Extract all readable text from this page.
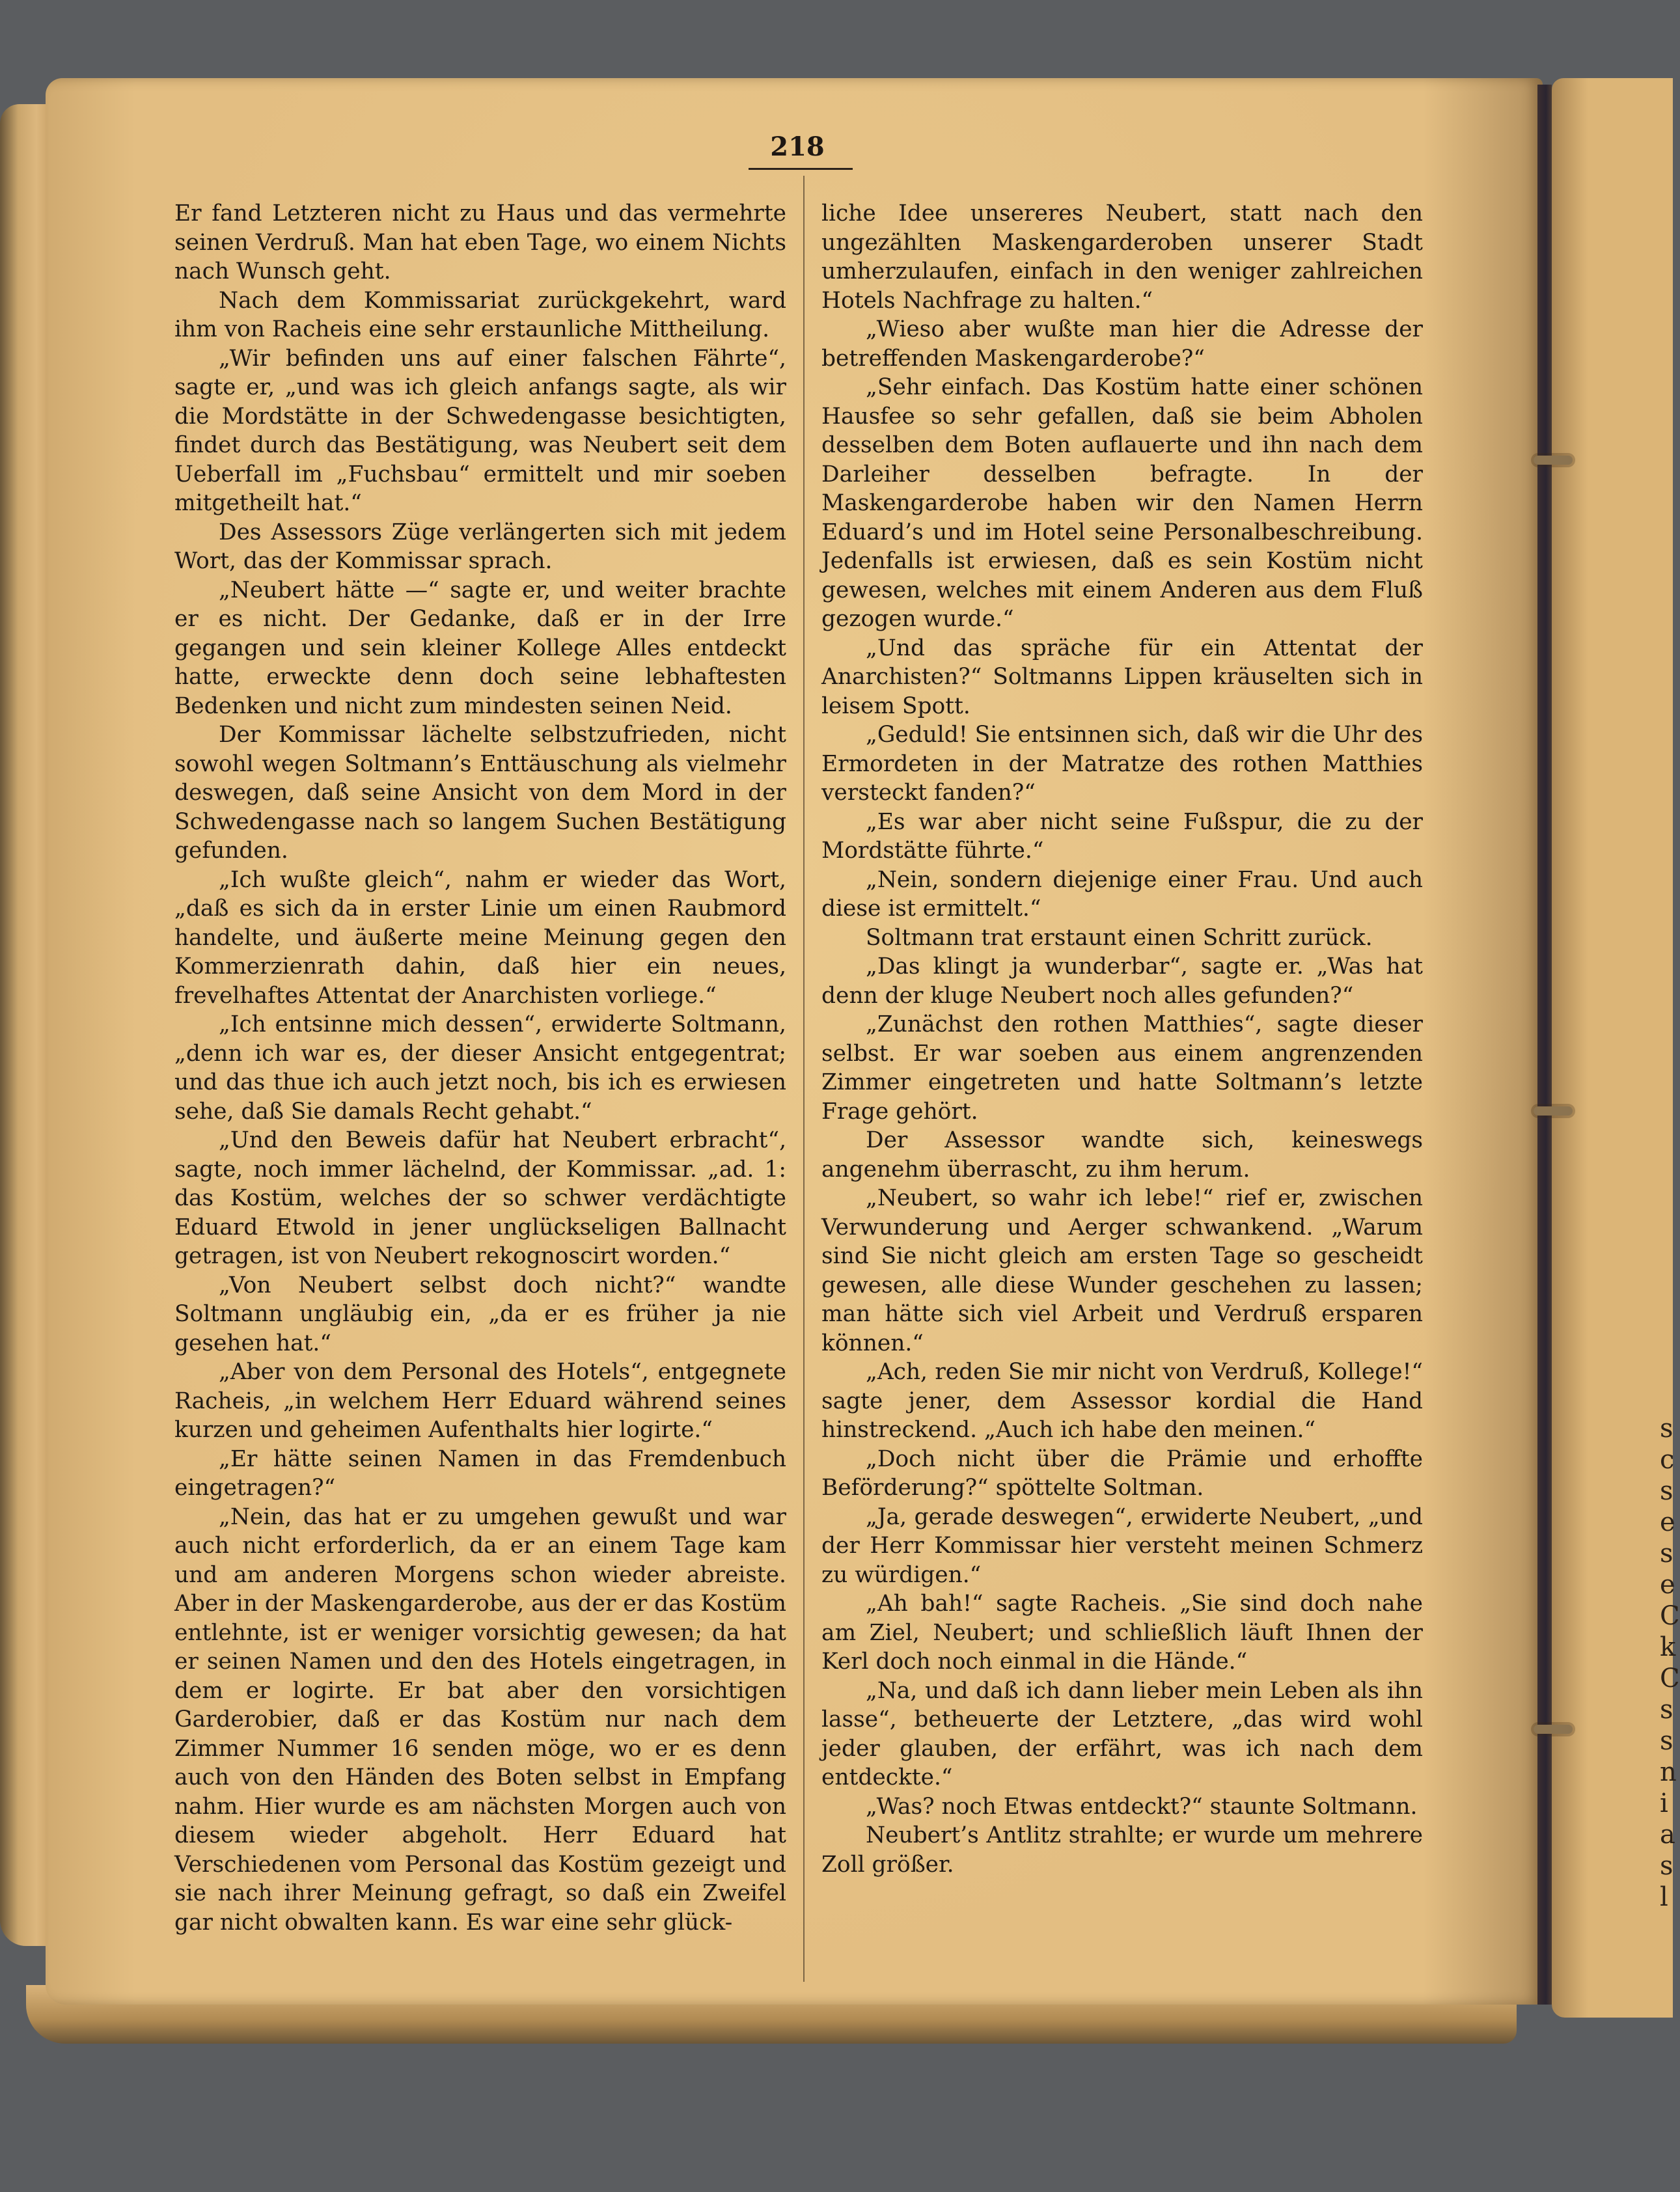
s
c
s
e
s
e
C
k
C
s
s
n
i
a
s
l
218

Er fand Letzteren nicht zu Haus und das vermehrte seinen Verdruß. Man hat eben Tage, wo einem Nichts nach Wunsch geht.

Nach dem Kommissariat zurückgekehrt, ward ihm von Racheis eine sehr erstaunliche Mittheilung.

„Wir befinden uns auf einer falschen Fährte“, sagte er, „und was ich gleich anfangs sagte, als wir die Mordstätte in der Schwedengasse besichtigten, findet durch das Bestätigung, was Neubert seit dem Ueberfall im „Fuchsbau“ ermittelt und mir soeben mitgetheilt hat.“

Des Assessors Züge verlängerten sich mit jedem Wort, das der Kommissar sprach.

„Neubert hätte —“ sagte er, und weiter brachte er es nicht. Der Gedanke, daß er in der Irre gegangen und sein kleiner Kollege Alles entdeckt hatte, erweckte denn doch seine lebhaftesten Bedenken und nicht zum mindesten seinen Neid.

Der Kommissar lächelte selbstzufrieden, nicht sowohl wegen Soltmann’s Enttäuschung als vielmehr deswegen, daß seine Ansicht von dem Mord in der Schwedengasse nach so langem Suchen Bestätigung gefunden.

„Ich wußte gleich“, nahm er wieder das Wort, „daß es sich da in erster Linie um einen Raubmord handelte, und äußerte meine Meinung gegen den Kommerzienrath dahin, daß hier ein neues, frevelhaftes Attentat der Anarchisten vorliege.“

„Ich entsinne mich dessen“, erwiderte Soltmann, „denn ich war es, der dieser Ansicht entgegentrat; und das thue ich auch jetzt noch, bis ich es erwiesen sehe, daß Sie damals Recht gehabt.“

„Und den Beweis dafür hat Neubert erbracht“, sagte, noch immer lächelnd, der Kommissar. „ad. 1: das Kostüm, welches der so schwer verdächtigte Eduard Etwold in jener unglückseligen Ballnacht getragen, ist von Neubert rekognoscirt worden.“

„Von Neubert selbst doch nicht?“ wandte Soltmann ungläubig ein, „da er es früher ja nie gesehen hat.“

„Aber von dem Personal des Hotels“, entgegnete Racheis, „in welchem Herr Eduard während seines kurzen und geheimen Aufenthalts hier logirte.“

„Er hätte seinen Namen in das Fremdenbuch eingetragen?“

„Nein, das hat er zu umgehen gewußt und war auch nicht erforderlich, da er an einem Tage kam und am anderen Morgens schon wieder abreiste. Aber in der Maskengarderobe, aus der er das Kostüm entlehnte, ist er weniger vorsichtig gewesen; da hat er seinen Namen und den des Hotels eingetragen, in dem er logirte. Er bat aber den vorsichtigen Garderobier, daß er das Kostüm nur nach dem Zimmer Nummer 16 senden möge, wo er es denn auch von den Händen des Boten selbst in Empfang nahm. Hier wurde es am nächsten Morgen auch von diesem wieder abgeholt. Herr Eduard hat Verschiedenen vom Personal das Kostüm gezeigt und sie nach ihrer Meinung gefragt, so daß ein Zweifel gar nicht obwalten kann. Es war eine sehr glück-

liche Idee unsereres Neubert, statt nach den ungezählten Maskengarderoben unserer Stadt umherzulaufen, einfach in den weniger zahlreichen Hotels Nachfrage zu halten.“

„Wieso aber wußte man hier die Adresse der betreffenden Maskengarderobe?“

„Sehr einfach. Das Kostüm hatte einer schönen Hausfee so sehr gefallen, daß sie beim Abholen desselben dem Boten auflauerte und ihn nach dem Darleiher desselben befragte. In der Maskengarderobe haben wir den Namen Herrn Eduard’s und im Hotel seine Personalbeschreibung. Jedenfalls ist erwiesen, daß es sein Kostüm nicht gewesen, welches mit einem Anderen aus dem Fluß gezogen wurde.“

„Und das spräche für ein Attentat der Anarchisten?“ Soltmanns Lippen kräuselten sich in leisem Spott.

„Geduld! Sie entsinnen sich, daß wir die Uhr des Ermordeten in der Matratze des rothen Matthies versteckt fanden?“

„Es war aber nicht seine Fußspur, die zu der Mordstätte führte.“

„Nein, sondern diejenige einer Frau. Und auch diese ist ermittelt.“

Soltmann trat erstaunt einen Schritt zurück.

„Das klingt ja wunderbar“, sagte er. „Was hat denn der kluge Neubert noch alles gefunden?“

„Zunächst den rothen Matthies“, sagte dieser selbst. Er war soeben aus einem angrenzenden Zimmer eingetreten und hatte Soltmann’s letzte Frage gehört.

Der Assessor wandte sich, keineswegs angenehm überrascht, zu ihm herum.

„Neubert, so wahr ich lebe!“ rief er, zwischen Verwunderung und Aerger schwankend. „Warum sind Sie nicht gleich am ersten Tage so gescheidt gewesen, alle diese Wunder geschehen zu lassen; man hätte sich viel Arbeit und Verdruß ersparen können.“

„Ach, reden Sie mir nicht von Verdruß, Kollege!“ sagte jener, dem Assessor kordial die Hand hinstreckend. „Auch ich habe den meinen.“

„Doch nicht über die Prämie und erhoffte Beförderung?“ spöttelte Soltman.

„Ja, gerade deswegen“, erwiderte Neubert, „und der Herr Kommissar hier versteht meinen Schmerz zu würdigen.“

„Ah bah!“ sagte Racheis. „Sie sind doch nahe am Ziel, Neubert; und schließlich läuft Ihnen der Kerl doch noch einmal in die Hände.“

„Na, und daß ich dann lieber mein Leben als ihn lasse“, betheuerte der Letztere, „das wird wohl jeder glauben, der erfährt, was ich nach dem entdeckte.“

„Was? noch Etwas entdeckt?“ staunte Soltmann.

Neubert’s Antlitz strahlte; er wurde um mehrere Zoll größer.
